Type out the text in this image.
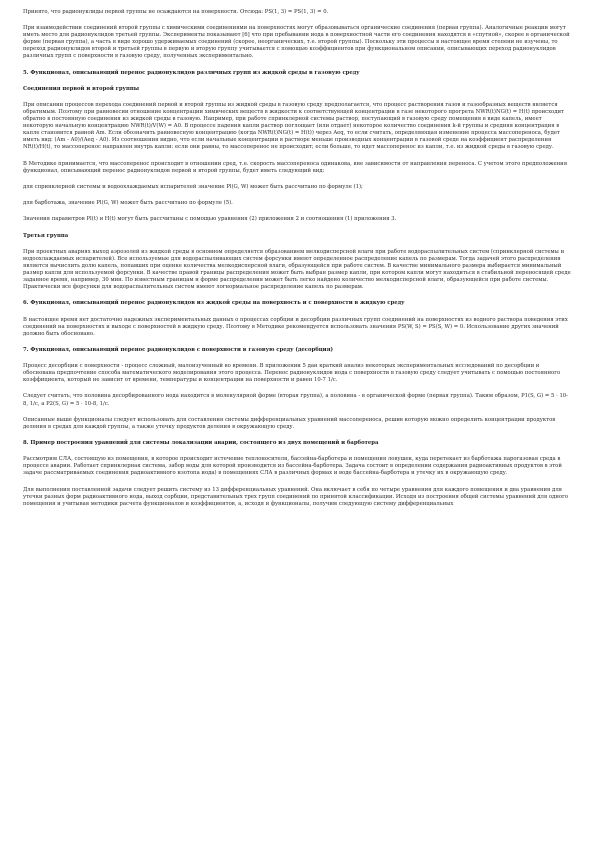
Принято, что радионуклиды первой группы не осаждаются на поверхности. Отсюда: PS(1, 3) = PS(1, 3) = 0.
При взаимодействии соединений второй группы с химическими соединениями на поверхностях могут образовываться органические соединения (первая группа). Аналогичные реакции могут иметь место для радионуклидов третьей группы. Эксперименты показывают [6] что при пребывании иода в поверхностной части его соединения находятся в «спутной», скорее в органической форме (первая группа), а часть в виде хорошо удерживаемых соединений (скорее, неорганических, т.е. второй группы). Поскольку эти процессы в настоящее время степени не изучены, то переход радионуклидов второй и третьей группы в первую и вторую группу учитывается с помощью коэффициентов при функциональном описании, описывающих переход радионуклидов различных групп с поверхности в газовую среду, полученных экспериментально.
5. Функционал, описывающий перенос радионуклидов различных групп из жидкой среды в газовую среду
Соединения первой и второй группы
При описании процессов перехода соединений первой и второй группы из жидкой среды в газовую среду предполагается, что процесс растворения газов и газообразных веществ является обратимым. Поэтому при равновесии отношение концентрации химических веществ в жидкости к соответствующей концентрации в газе некоторого прогрета NWR(t)NG(t) = H(t) происходит обратно в постоянную соединения из жидкой среды в газовую. Например, при работе спринклерной системы раствор, поступающий в газовую среду помещения в виде капель, имеет некоторую начальную концентрацию NWR(t)/V(W) = A0. В процессе падения капли раствор поглощает (или отдает) некоторое количество соединения k-й группы и средняя концентрация в капле становится равной Am. Если обозначить равновесную концентрацию (когда NWR(t)NG(t) = H(t)) через Aeq, то если считать, определяющая изменение процесса массопереноса, будет иметь вид: (Am - A0)/(Aeq - A0). Из соотношения видно, что если начальные концентрации в растворе меньше производных концентрации в газовой среде на коэффициент распределения NR(t)/H(t), то массоперенос направлен внутрь капли: если они равны, то массоперенос не происходит; если больше, то идет массоперенос из капли, т.е. из жидкой среды в газовую среду.
В Методике принимается, что массоперенос происходит в отношении сред, т.е. скорость массопереноса одинакова, вне зависимости от направления переноса. С учетом этого предположения функционал, описывающий перенос радионуклидов первой и второй группы, будет иметь следующий вид:
для спринклерной системы и водоохлаждаемых испарителей значение Pl(G, W) может быть рассчитано по формуле (1);
для барботажа, значение Pl(G, W) может быть рассчитано по формуле (5).
Значения параметров Pl(t) и H(t) могут быть рассчитаны с помощью уравнения (2) приложения 2 и соотношения (1) приложения 3.
Третья группа
При проектных авариях выход аэрозолей из жидкой среды в основном определяется образованием мелкодисперсной влаги при работе водораспылительных систем (спринклерной системы и водоохлаждаемых испарителей). Все используемые для водораспыливающих систем форсунки имеют определенное распределение капель по размерам. Тогда задачей этого распределения является вычислить долю капель, попавших при оценке количества мелкодисперсной влаги, образующейся при работе систем. В качестве минимального размера выбирается минимальный размер капли для используемой форсунки. В качестве правой границы распределения может быть выбран размер капли, при котором капли могут находиться в стабильной переносящей среде заданное время, например, 30 мин. По известным границам и форме распределения может быть легко найдено количество мелкодисперсной влаги, образующейся при работе системы. Практически все форсунки для водораспылительных систем имеют логнормальное распределение капель по размерам.
6. Функционал, описывающий перенос радионуклидов из жидкой среды на поверхность и с поверхности в жидкую среду
В настоящее время нет достаточно надежных экспериментальных данных о процессах сорбции и десорбции различных групп соединений на поверхностях из водного раствора поведения этих соединений на поверхностях и выходе с поверхностей в жидкую среду. Поэтому в Методике рекомендуется использовать значения PS(W, S) = PS(S, W) = 0. Использование других значений должно быть обосновано.
7. Функционал, описывающий перенос радионуклидов с поверхности в газовую среду (десорбция)
Процесс десорбции с поверхности - процесс сложный, малоизученный во времени. В приложении 5 дан краткий анализ некоторых экспериментальных исследований по десорбции и обоснована предпочтение способа математического моделирования этого процесса. Перенос радионуклидов иода с поверхности в газовую среду следует учитывать с помощью постоянного коэффициента, который не зависит от времени, температуры и концентрации на поверхности и равен 10-7 1/с.
Следует считать, что половина десорбированного иода находится в молекулярной форме (вторая группа), а половина - в органической форме (первая группа). Таким образом, P1(S, G) = 5 · 10-8, 1/с, а P2(S, G) = 5 · 10-8, 1/с.
Описанные выше функционалы следует использовать для составления системы дифференциальных уравнений массопереноса, решив которую можно определить концентрации продуктов деления в средах для каждой группы, а также утечку продуктов деления в окружающую среду.
8. Пример построения уравнений для системы локализации аварии, состоящего из двух помещений и барботера
Рассмотрим СЛА, состоящую из помещения, в которое происходит истечение теплоносителя, бассейна-барботера и помещения ловушек, куда перетекает из барботажа парогазовая среда в процессе аварии. Работает спринклерная система, забор воды для которой производится из бассейна-барботера. Задача состоит в определении содержания радиоактивных продуктов в этой задаче рассматриваемых соединения радиоактивного изотопа иода) в помещениях СЛА в различных формах и воде бассейна-барботера и утечку их в окружающую среду.
Для выполнения поставленной задачи следует решить систему из 13 дифференциальных уравнений. Она включает в себя по четыре уравнения для каждого помещения и два уравнения для утечки разных форм радиоактивного иода, выход сорбции, представительных трех групп соединений по принятой классификации. Исходя из построения общей системы уравнений для одного помещения и учитывая методики расчета функционалов и коэффициентов, а, исходя и функционалы, получим следующую систему дифференциальных
